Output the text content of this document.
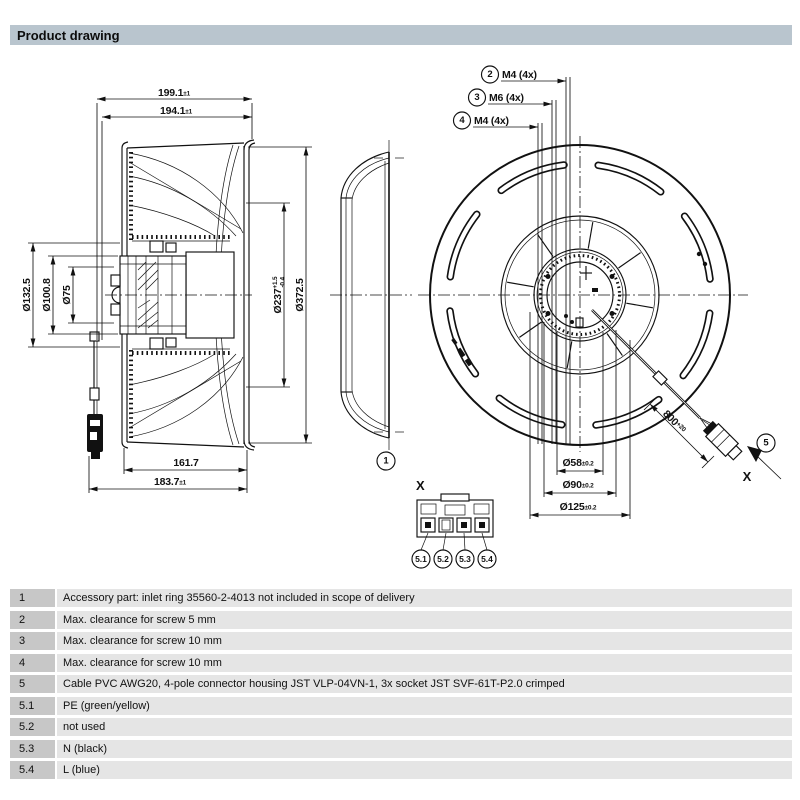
Product drawing
199.1±1
194.1±1
161.7
183.7±1
Ø132.5 Ø100.8 Ø75	$Ø237^{+1.5}-0.4$ Ø372.5
1
2 M4 (4x)
3 M6 (4x)
4 M4 (4x)
$800^{+20}$
X
5
Ø58±0.2
Ø90±0.2
Ø125±0.2
X
5.1 5.2 5.3 5.4
1	Accessory part: inlet ring 35560-2-4013 not included in scope of delivery
2	Max. clearance for screw 5 mm
3	Max. clearance for screw 10 mm
4	Max. clearance for screw 10 mm
5	Cable PVC AWG20, 4-pole connector housing JST VLP-04VN-1, 3x socket JST SVF-61T-P2.0 crimped
5.1	PE (green/yellow)
5.2	not used
5.3	N (black)
5.4	L (blue)
